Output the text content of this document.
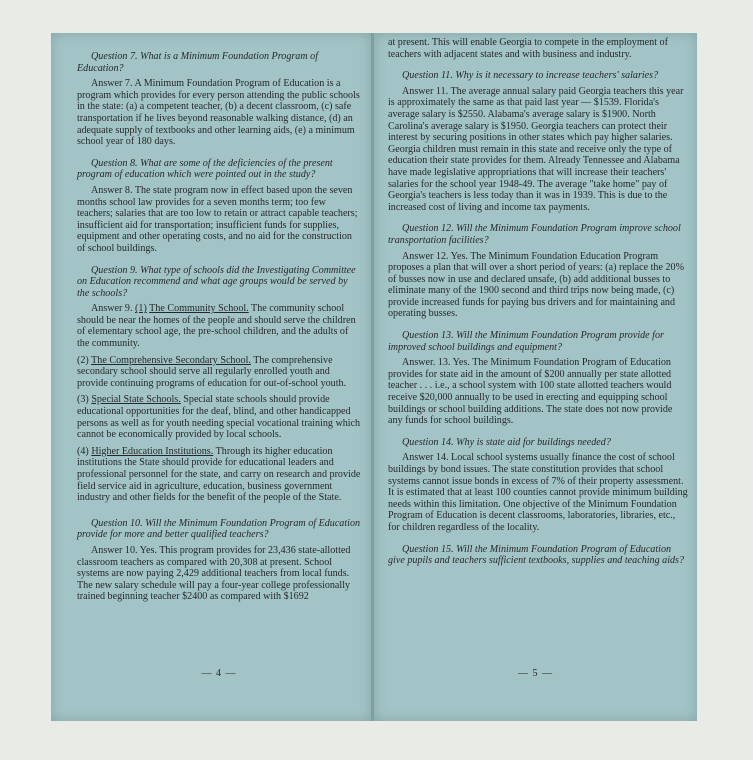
Question 7. What is a Minimum Foundation Program of Education?

Answer 7. A Minimum Foundation Program of Education is a program which provides for every person attending the public schools in the state: (a) a competent teacher, (b) a decent classroom, (c) safe transportation if he lives beyond reasonable walking distance, (d) an adequate supply of textbooks and other learning aids, (e) a minimum school year of 180 days.

Question 8. What are some of the deficiencies of the present program of education which were pointed out in the study?

Answer 8. The state program now in effect based upon the seven months school law provides for a seven months term; too few teachers; salaries that are too low to retain or attract capable teachers; insufficient aid for transportation; insufficient funds for supplies, equipment and other operating costs, and no aid for the construction of school buildings.

Question 9. What type of schools did the Investigating Committee on Education recommend and what age groups would be served by the schools?

Answer 9. (1) The Community School. The community school should be near the homes of the people and should serve the children of elementary school age, the pre-school children, and the adults of the community.

(2) The Comprehensive Secondary School. The comprehensive secondary school should serve all regularly enrolled youth and provide continuing programs of education for out-of-school youth.

(3) Special State Schools. Special state schools should provide educational opportunities for the deaf, blind, and other handicapped persons as well as for youth needing special vocational training which cannot be economically provided by local schools.

(4) Higher Education Institutions. Through its higher education institutions the State should provide for educational leaders and professional personnel for the state, and carry on research and provide field service aid in agriculture, education, business government industry and other fields for the benefit of the people of the State.

Question 10. Will the Minimum Foundation Program of Education provide for more and better qualified teachers?

Answer 10. Yes. This program provides for 23,436 state-allotted classroom teachers as compared with 20,308 at present. School systems are now paying 2,429 additional teachers from local funds. The new salary schedule will pay a four-year college professionally trained beginning teacher $2400 as compared with $1692

— 4 —

at present. This will enable Georgia to compete in the employment of teachers with adjacent states and with business and industry.

Question 11. Why is it necessary to increase teachers' salaries?

Answer 11. The average annual salary paid Georgia teachers this year is approximately the same as that paid last year — $1539. Florida's average salary is $2550. Alabama's average salary is $1900. North Carolina's average salary is $1950. Georgia teachers can protect their interest by securing positions in other states which pay higher salaries. Georgia children must remain in this state and receive only the type of education their state provides for them. Already Tennessee and Alabama have made legislative appropriations that will increase their teachers' salaries for the school year 1948-49. The average "take home" pay of Georgia's teachers is less today than it was in 1939. This is due to the increased cost of living and income tax payments.

Question 12. Will the Minimum Foundation Program improve school transportation facilities?

Answer 12. Yes. The Minimum Foundation Education Program proposes a plan that will over a short period of years: (a) replace the 20% of busses now in use and declared unsafe, (b) add additional busses to eliminate many of the 1900 second and third trips now being made, (c) provide increased funds for paying bus drivers and for maintaining and operating busses.

Question 13. Will the Minimum Foundation Program provide for improved school buildings and equipment?

Answer. 13. Yes. The Minimum Foundation Program of Education provides for state aid in the amount of $200 annually per state allotted teacher . . . i.e., a school system with 100 state allotted teachers would receive $20,000 annually to be used in erecting and equipping school buildings or school building additions. The state does not now provide any funds for school buildings.

Question 14. Why is state aid for buildings needed?

Answer 14. Local school systems usually finance the cost of school buildings by bond issues. The state constitution provides that school systems cannot issue bonds in excess of 7% of their property assessment. It is estimated that at least 100 counties cannot provide minimum building needs within this limitation. One objective of the Minimum Foundation Program of Education is decent classrooms, laboratories, libraries, etc., for children regardless of the locality.

Question 15. Will the Minimum Foundation Program of Education give pupils and teachers sufficient textbooks, supplies and teaching aids?

— 5 —
